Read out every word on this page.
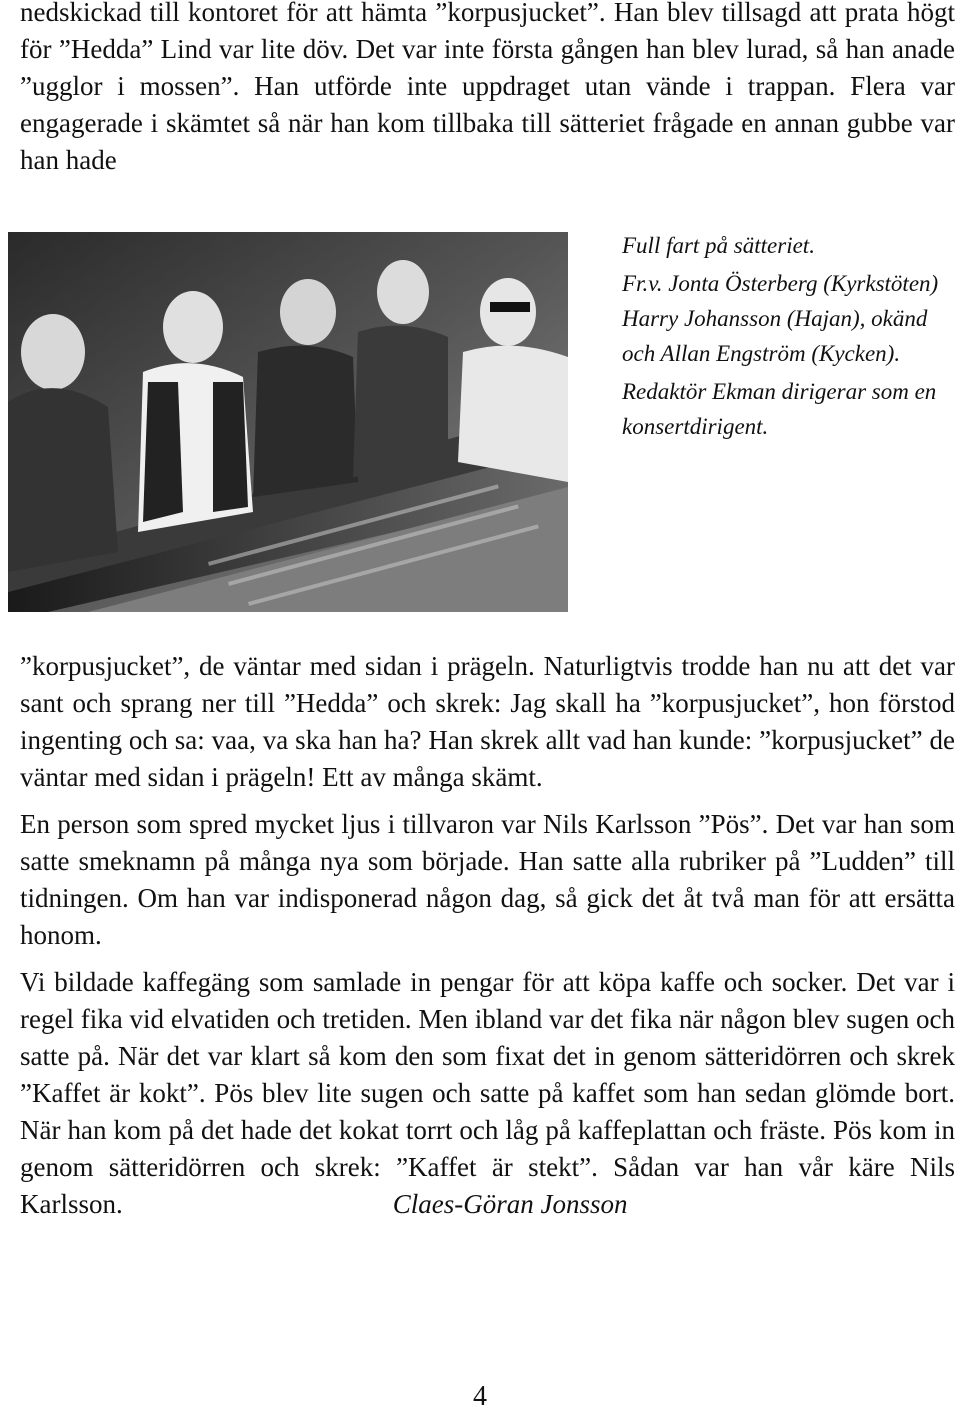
nedskickad till kontoret för att hämta ”korpusjucket”. Han blev tillsagd att prata högt för ”Hedda” Lind var lite döv. Det var inte första gången han blev lurad, så han anade ”ugglor i mossen”. Han utförde inte uppdraget utan vände i trappan. Flera var engagerade i skämtet så när han kom tillbaka till sätteriet frågade en annan gubbe var han hade

Full fart på sätteriet.

Fr.v. Jonta Österberg (Kyrkstöten) Harry Johansson (Hajan), okänd och Allan Engström (Kycken).

Redaktör Ekman dirigerar som en konsertdirigent.

”korpusjucket”, de väntar med sidan i prägeln. Naturligtvis trodde han nu att det var sant och sprang ner till ”Hedda” och skrek: Jag skall ha ”korpusjucket”, hon förstod ingenting och sa: vaa, va ska han ha? Han skrek allt vad han kunde: ”korpusjucket” de väntar med sidan i prägeln! Ett av många skämt.

En person som spred mycket ljus i tillvaron var Nils Karlsson ”Pös”. Det var han som satte smeknamn på många nya som började. Han satte alla rubriker på ”Ludden” till tidningen. Om han var indisponerad någon dag, så gick det åt två man för att ersätta honom.

Vi bildade kaffegäng som samlade in pengar för att köpa kaffe och socker. Det var i regel fika vid elvatiden och tretiden. Men ibland var det fika när någon blev sugen och satte på. När det var klart så kom den som fixat det in genom sätteridörren och skrek ”Kaffet är kokt”. Pös blev lite sugen och satte på kaffet som han sedan glömde bort. När han kom på det hade det kokat torrt och låg på kaffeplattan och fräste. Pös kom in genom sätteridörren och skrek: ”Kaffet är stekt”. Sådan var han vår käre Nils Karlsson.	Claes-Göran Jonsson

4
